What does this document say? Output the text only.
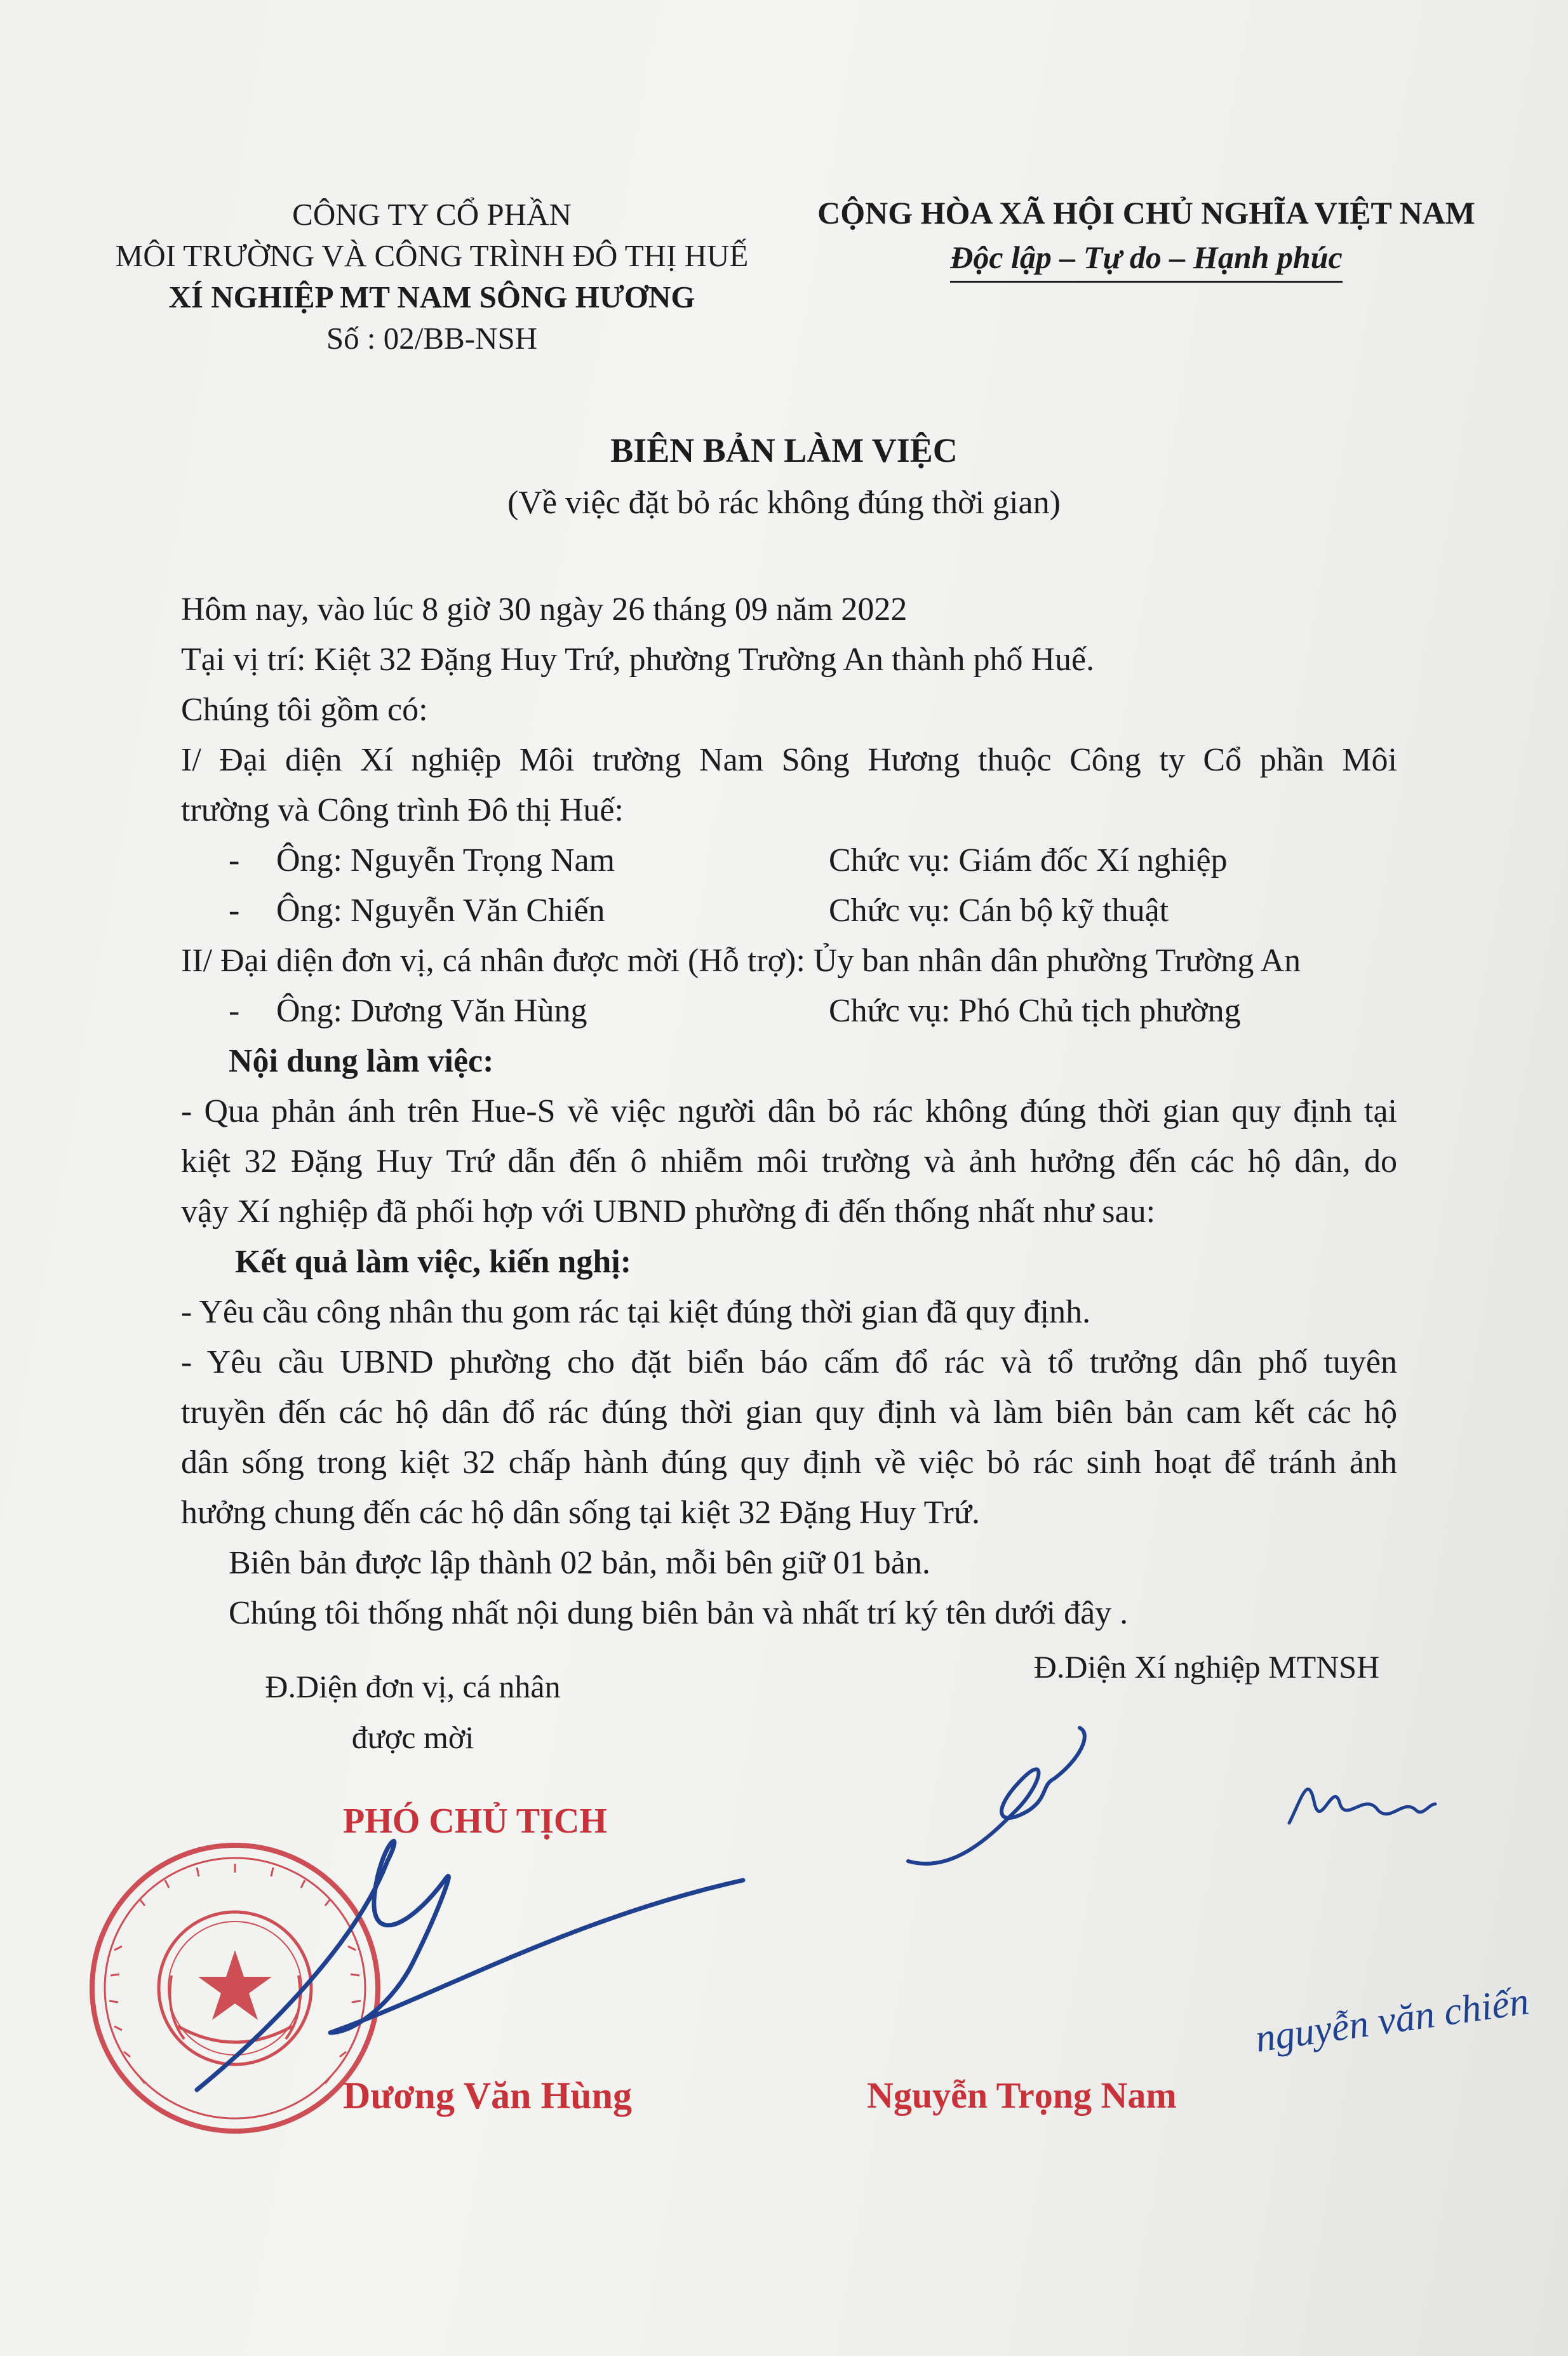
CÔNG TY CỔ PHẦN
MÔI TRƯỜNG VÀ CÔNG TRÌNH ĐÔ THỊ HUẾ
XÍ NGHIỆP MT NAM SÔNG HƯƠNG
Số : 02/BB-NSH
CỘNG HÒA XÃ HỘI CHỦ NGHĨA VIỆT NAM
Độc lập – Tự do – Hạnh phúc
BIÊN BẢN LÀM VIỆC
(Về việc đặt bỏ rác không đúng thời gian)

Hôm nay, vào lúc 8 giờ 30 ngày 26 tháng 09 năm 2022

Tại vị trí: Kiệt 32 Đặng Huy Trứ, phường Trường An thành phố Huế.

Chúng tôi gồm có:

I/ Đại diện Xí nghiệp Môi trường Nam Sông Hương thuộc Công ty Cổ phần Môi

trường và Công trình Đô thị Huế:

-	Ông: Nguyễn Trọng Nam	Chức vụ: Giám đốc Xí nghiệp
-	Ông: Nguyễn Văn Chiến	Chức vụ: Cán bộ kỹ thuật

II/ Đại diện đơn vị, cá nhân được mời (Hỗ trợ): Ủy ban nhân dân phường Trường An

-	Ông: Dương Văn Hùng	Chức vụ: Phó Chủ tịch phường

Nội dung làm việc:

- Qua phản ánh trên Hue-S về việc người dân bỏ rác không đúng thời gian quy định tại

kiệt 32 Đặng Huy Trứ dẫn đến ô nhiễm môi trường và ảnh hưởng đến các hộ dân, do

vậy Xí nghiệp đã phối hợp với UBND phường đi đến thống nhất như sau:

Kết quả làm việc, kiến nghị:

- Yêu cầu công nhân thu gom rác tại kiệt đúng thời gian đã quy định.

- Yêu cầu UBND phường cho đặt biển báo cấm đổ rác và tổ trưởng dân phố tuyên

truyền đến các hộ dân đổ rác đúng thời gian quy định và làm biên bản cam kết các hộ

dân sống trong kiệt 32 chấp hành đúng quy định về việc bỏ rác sinh hoạt để tránh ảnh

hưởng chung đến các hộ dân sống tại kiệt 32 Đặng Huy Trứ.

Biên bản được lập thành 02 bản, mỗi bên giữ 01 bản.

Chúng tôi thống nhất nội dung biên bản và nhất trí ký tên dưới đây .

Đ.Diện đơn vị, cá nhân
được mời
Đ.Diện Xí nghiệp MTNSH
PHÓ CHỦ TỊCH
nguyễn văn chiến
Dương Văn Hùng	Nguyễn Trọng Nam
